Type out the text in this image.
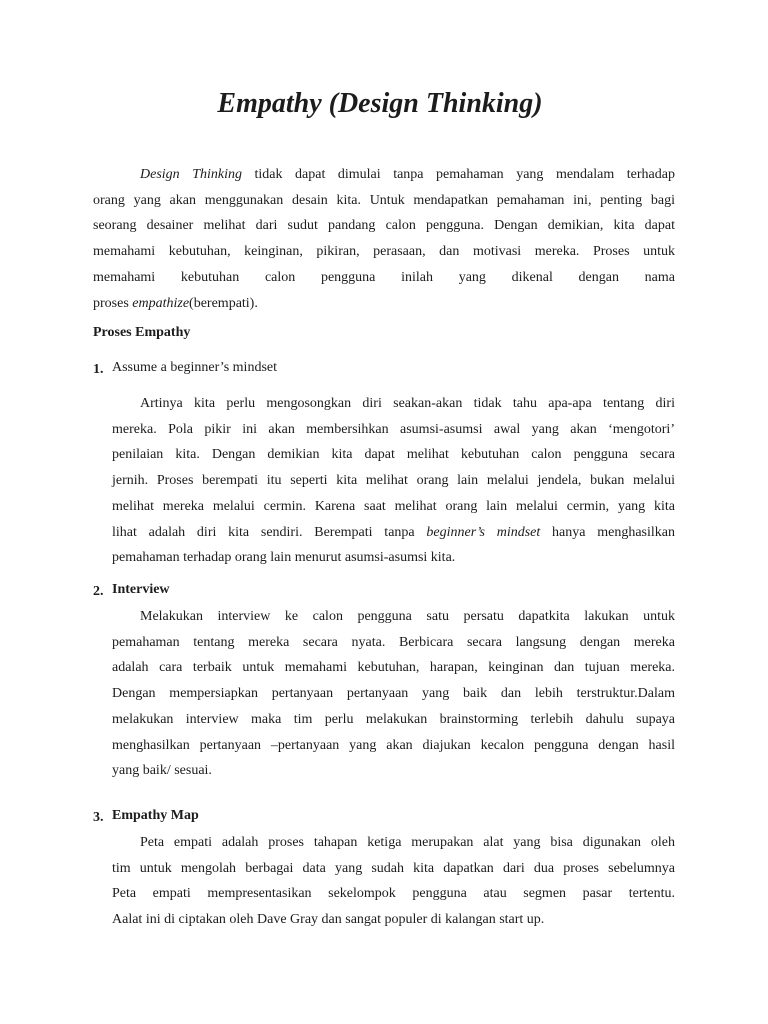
Empathy (Design Thinking)
Design Thinking tidak dapat dimulai tanpa pemahaman yang mendalam terhadap
orang yang akan menggunakan desain kita. Untuk mendapatkan pemahaman ini, penting bagi
seorang desainer melihat dari sudut pandang calon pengguna. Dengan demikian, kita dapat
memahami kebutuhan, keinginan, pikiran, perasaan, dan motivasi mereka. Proses untuk
memahami kebutuhan calon pengguna inilah yang dikenal dengan nama
proses empathize(berempati).
Proses Empathy
1. Assume a beginner’s mindset
Artinya kita perlu mengosongkan diri seakan-akan tidak tahu apa-apa tentang diri
mereka. Pola pikir ini akan membersihkan asumsi-asumsi awal yang akan ‘mengotori’
penilaian kita. Dengan demikian kita dapat melihat kebutuhan calon pengguna secara
jernih. Proses berempati itu seperti kita melihat orang lain melalui jendela, bukan melalui
melihat mereka melalui cermin. Karena saat melihat orang lain melalui cermin, yang kita
lihat adalah diri kita sendiri. Berempati tanpa beginner’s mindset hanya menghasilkan
pemahaman terhadap orang lain menurut asumsi-asumsi kita.
2. Interview
Melakukan interview ke calon pengguna satu persatu dapatkita lakukan untuk
pemahaman tentang mereka secara nyata. Berbicara secara langsung dengan mereka
adalah cara terbaik untuk memahami kebutuhan, harapan, keinginan dan tujuan mereka.
Dengan mempersiapkan pertanyaan pertanyaan yang baik dan lebih terstruktur.Dalam
melakukan interview maka tim perlu melakukan brainstorming terlebih dahulu supaya
menghasilkan pertanyaan –pertanyaan yang akan diajukan kecalon pengguna dengan hasil
yang baik/ sesuai.
3. Empathy Map
Peta empati adalah proses tahapan ketiga merupakan alat yang bisa digunakan oleh
tim untuk mengolah berbagai data yang sudah kita dapatkan dari dua proses sebelumnya
Peta empati mempresentasikan sekelompok pengguna atau segmen pasar tertentu.
Aalat ini di ciptakan oleh Dave Gray dan sangat populer di kalangan start up.
